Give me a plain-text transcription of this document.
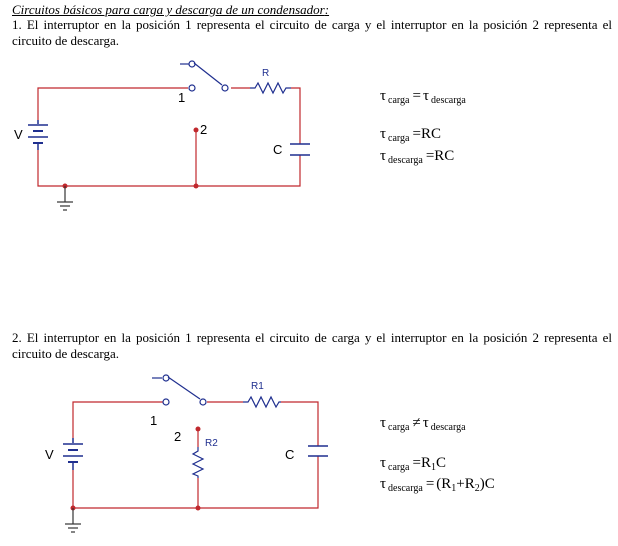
Circuitos básicos para carga y descarga de un condensador:
1. El interruptor en la posición 1 representa el circuito de carga y el interruptor en la posición 2 representa el circuito de descarga.
2. El interruptor en la posición 1 representa el circuito de carga y el interruptor en la posición 2 representa el circuito de descarga.
1
2
R
V
C
τcarga = τ descarga
τcarga =RC
τdescarga =RC
1
2
R1
R2
V	C
τcarga ≠ τ descarga
τcarga =R1C
τdescarga = (R1+R2)C
